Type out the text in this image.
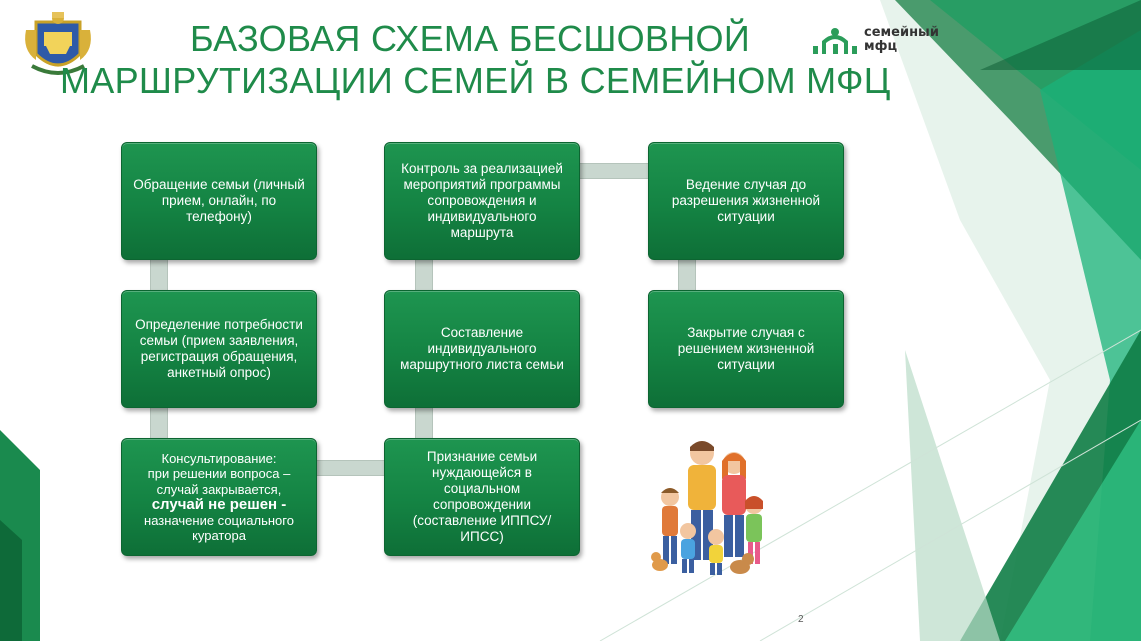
БАЗОВАЯ СХЕМА БЕСШОВНОЙ
МАРШРУТИЗАЦИИ СЕМЕЙ В СЕМЕЙНОМ МФЦ
семейный
мфц
Обращение семьи (личный прием, онлайн, по телефону)
Определение потребности семьи (прием заявления, регистрация обращения, анкетный опрос)
Консультирование:
при решении вопроса – случай закрывается,
случай не решен -
назначение социального куратора
Признание семьи нуждающейся в социальном сопровождении (составление ИППСУ/ИПСС)
Составление индивидуального маршрутного листа семьи
Контроль за реализацией мероприятий программы сопровождения и индивидуального маршрута
Ведение случая до разрешения жизненной ситуации
Закрытие случая с решением жизненной ситуации
2
